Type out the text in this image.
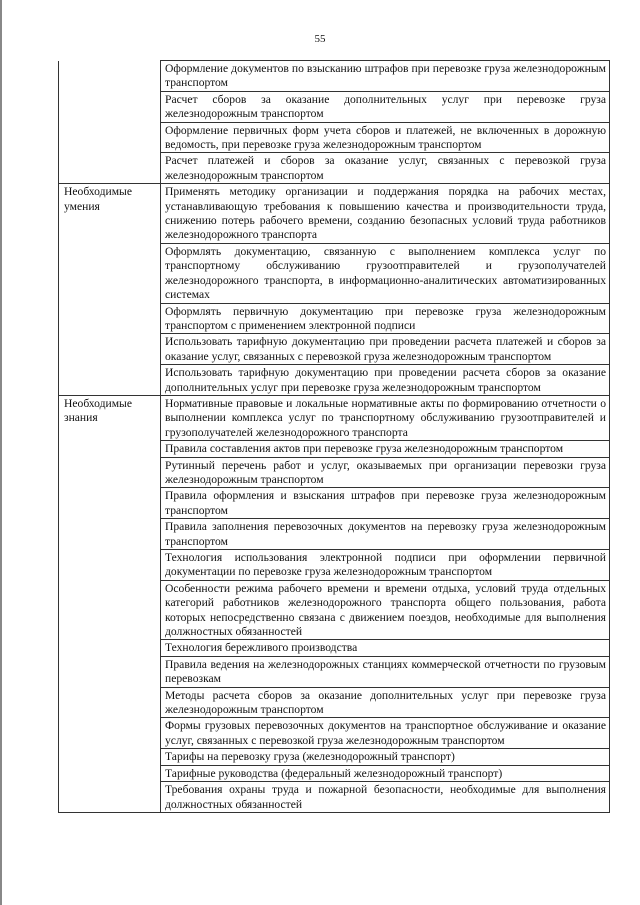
55
	Оформление документов по взысканию штрафов при перевозке груза железнодорожным транспортом
	Расчет сборов за оказание дополнительных услуг при перевозке груза железнодорожным транспортом
	Оформление первичных форм учета сборов и платежей, не включенных в дорожную ведомость, при перевозке груза железнодорожным транспортом
	Расчет платежей и сборов за оказание услуг, связанных с перевозкой груза железнодорожным транспортом
Необходимые умения	Применять методику организации и поддержания порядка на рабочих местах, устанавливающую требования к повышению качества и производительности труда, снижению потерь рабочего времени, созданию безопасных условий труда работников железнодорожного транспорта
	Оформлять документацию, связанную с выполнением комплекса услуг по транспортному обслуживанию грузоотправителей и грузополучателей железнодорожного транспорта, в информационно-аналитических автоматизированных системах
	Оформлять первичную документацию при перевозке груза железнодорожным транспортом с применением электронной подписи
	Использовать тарифную документацию при проведении расчета платежей и сборов за оказание услуг, связанных с перевозкой груза железнодорожным транспортом
	Использовать тарифную документацию при проведении расчета сборов за оказание дополнительных услуг при перевозке груза железнодорожным транспортом
Необходимые знания	Нормативные правовые и локальные нормативные акты по формированию отчетности о выполнении комплекса услуг по транспортному обслуживанию грузоотправителей и грузополучателей железнодорожного транспорта
	Правила составления актов при перевозке груза железнодорожным транспортом
	Рутинный перечень работ и услуг, оказываемых при организации перевозки груза железнодорожным транспортом
	Правила оформления и взыскания штрафов при перевозке груза железнодорожным транспортом
	Правила заполнения перевозочных документов на перевозку груза железнодорожным транспортом
	Технология использования электронной подписи при оформлении первичной документации по перевозке груза железнодорожным транспортом
	Особенности режима рабочего времени и времени отдыха, условий труда отдельных категорий работников железнодорожного транспорта общего пользования, работа которых непосредственно связана с движением поездов, необходимые для выполнения должностных обязанностей
	Технология бережливого производства
	Правила ведения на железнодорожных станциях коммерческой отчетности по грузовым перевозкам
	Методы расчета сборов за оказание дополнительных услуг при перевозке груза железнодорожным транспортом
	Формы грузовых перевозочных документов на транспортное обслуживание и оказание услуг, связанных с перевозкой груза железнодорожным транспортом
	Тарифы на перевозку груза (железнодорожный транспорт)
	Тарифные руководства (федеральный железнодорожный транспорт)
	Требования охраны труда и пожарной безопасности, необходимые для выполнения должностных обязанностей
